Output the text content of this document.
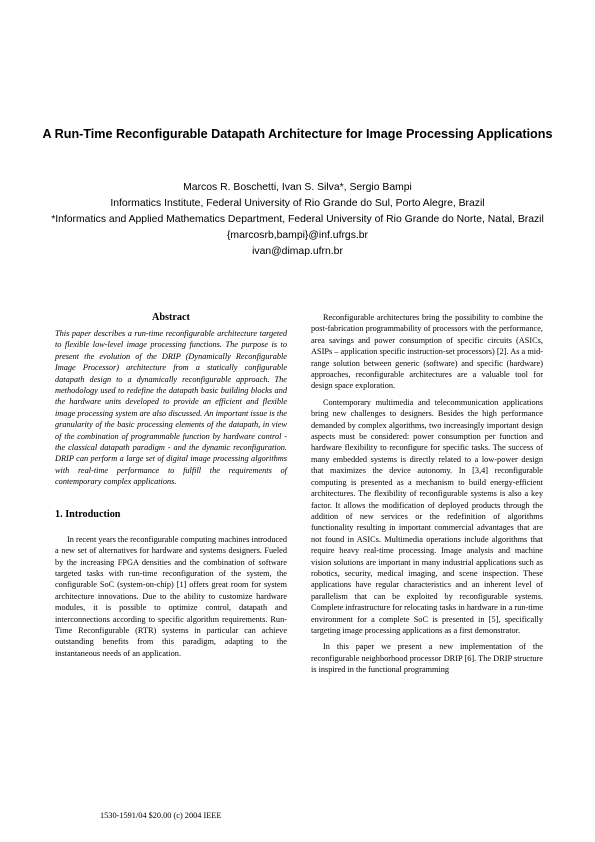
A Run-Time Reconfigurable Datapath Architecture for Image Processing Applications
Marcos R. Boschetti, Ivan S. Silva*, Sergio Bampi
Informatics Institute, Federal University of Rio Grande do Sul, Porto Alegre, Brazil
*Informatics and Applied Mathematics Department, Federal University of Rio Grande do Norte, Natal, Brazil
{marcosrb,bampi}@inf.ufrgs.br
ivan@dimap.ufrn.br
Abstract

This paper describes a run-time reconfigurable architecture targeted to flexible low-level image processing functions. The purpose is to present the evolution of the DRIP (Dynamically Reconfigurable Image Processor) architecture from a statically configurable datapath design to a dynamically reconfigurable approach. The methodology used to redefine the datapath basic building blocks and the hardware units developed to provide an efficient and flexible image processing system are also discussed. An important issue is the granularity of the basic processing elements of the datapath, in view of the combination of programmable function by hardware control - the classical datapath paradigm - and the dynamic reconfiguration. DRIP can perform a large set of digital image processing algorithms with real-time performance to fulfill the requirements of contemporary complex applications.

1. Introduction

In recent years the reconfigurable computing machines introduced a new set of alternatives for hardware and systems designers. Fueled by the increasing FPGA densities and the combination of software targeted tasks with run-time reconfiguration of the system, the configurable SoC (system-on-chip) [1] offers great room for system architecture innovations. Due to the ability to customize hardware modules, it is possible to optimize control, datapath and interconnections according to specific algorithm requirements. Run-Time Reconfigurable (RTR) systems in particular can achieve outstanding benefits from this paradigm, adapting to the instantaneous needs of an application.

Reconfigurable architectures bring the possibility to combine the post-fabrication programmability of processors with the performance, area savings and power consumption of specific circuits (ASICs, ASIPs – application specific instruction-set processors) [2]. As a mid-range solution between generic (software) and specific (hardware) approaches, reconfigurable architectures are a valuable tool for design space exploration.

Contemporary multimedia and telecommunication applications bring new challenges to designers. Besides the high performance demanded by complex algorithms, two increasingly important design aspects must be considered: power consumption per function and hardware flexibility to reconfigure for specific tasks. The success of many embedded systems is directly related to a low-power design that maximizes the device autonomy. In [3,4] reconfigurable computing is presented as a mechanism to build energy-efficient architectures. The flexibility of reconfigurable systems is also a key factor. It allows the modification of deployed products through the addition of new services or the redefinition of algorithms functionality resulting in important commercial advantages that are not found in ASICs. Multimedia operations include algorithms that require heavy real-time processing. Image analysis and machine vision solutions are important in many industrial applications such as robotics, security, medical imaging, and scene inspection. These applications have regular characteristics and an inherent level of parallelism that can be exploited by reconfigurable systems. Complete infrastructure for relocating tasks in hardware in a run-time environment for a complete SoC is presented in [5], specifically targeting image processing applications as a first demonstrator.

In this paper we present a new implementation of the reconfigurable neighborhood processor DRIP [6]. The DRIP structure is inspired in the functional programming

1530-1591/04 $20.00 (c) 2004 IEEE
